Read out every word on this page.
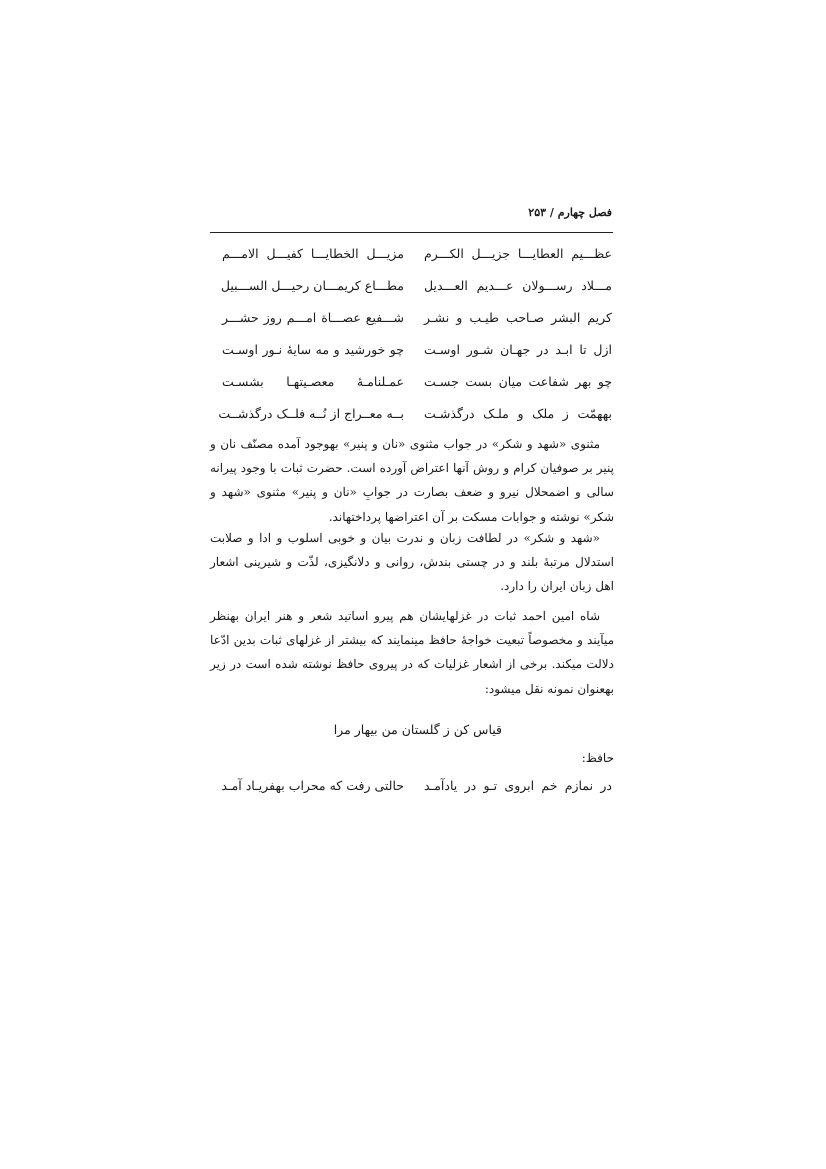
فصل چهارم / ۲۵۳
عظـــیم العطایـــا جزیـــل الکـــرم
مزیـــل الخطایـــا کفیـــل الامـــم
مـــلاد رســـولان عـــدیم العـــدیل
مطـــاع کریمـــان رحیـــل الســـبیل
کریم البشر صـاحب طیـب و نشـر
شـــفیع عصـــاة امـــم روز حشـــر
ازل تا ابـد در جهـان شـور اوسـت
چو خورشید و مه سایهٔ نـور اوسـت
چو بهر شفاعت میان بست جسـت
عمـلنامـهٔ معصـیتهـا بشسـت
بههمّت ز ملک و ملـک درگذشـت
بــه معــراج از نُــه فلــک درگذشــت

مثنوی «شهد و شکر» در جواب مثنوی «نان و پنیر» بهوجود آمده مصنّف نان و پنیر بر صوفیان کرام و روش آنها اعتراض آورده است. حضرت ثبات با وجود پیرانه سالی و اضمحلال نیرو و ضعف بصارت در جوابِ «نان و پنیر» مثنوی «شهد و شکر» نوشته و جوابات مسکت بر آن اعتراضها پرداختهاند.

«شهد و شکر» در لطافت زبان و ندرت بیان و خوبی اسلوب و ادا و صلابت استدلال مرتبهٔ بلند و در چستی بندش، روانی و دلانگیزی، لذّت و شیرینی اشعار اهل زبان ایران را دارد.

شاه امین احمد ثبات در غزلهایشان هم پیرو اساتید شعر و هنر ایران بهنظر میآیند و مخصوصاً تبعیت خواجهٔ حافظ مینمایند که بیشتر از غزلهای ثبات بدین ادّعا دلالت میکند. برخی از اشعار غزلیات که در پیروی حافظ نوشته شده است در زیر بهعنوان نمونه نقل میشود:

قیاس کن ز گلستان من بیهار مرا
حافظ:
در نمازم خم ابروی تـو در یادآمـد
حالتی رفت که محراب بهفریـاد آمـد
